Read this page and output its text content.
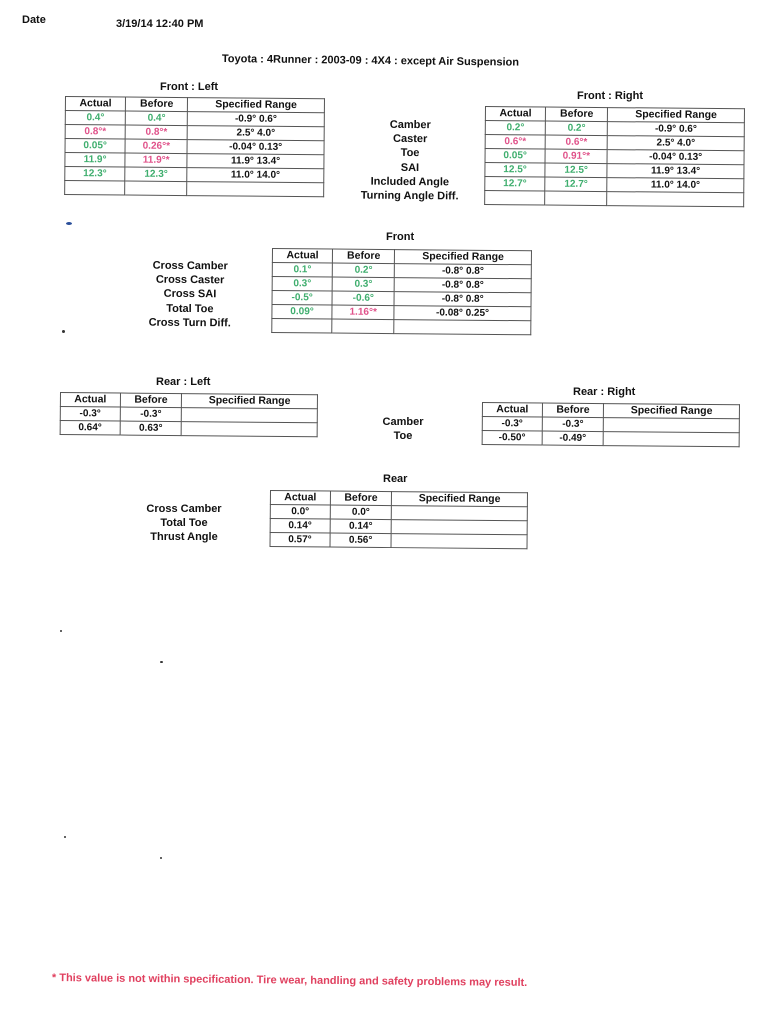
Date	3/19/14 12:40 PM
Toyota : 4Runner : 2003-09 : 4X4 : except Air Suspension
Front : Left
Actual	Before	Specified Range
0.4°	0.4°	-0.9° 0.6°
0.8°*	0.8°*	2.5° 4.0°
0.05°	0.26°*	-0.04° 0.13°
11.9°	11.9°*	11.9° 13.4°
12.3°	12.3°	11.0° 14.0°

Camber
Caster
Toe
SAI
Included Angle
Turning Angle Diff.
Front : Right
Actual	Before	Specified Range
0.2°	0.2°	-0.9° 0.6°
0.6°*	0.6°*	2.5° 4.0°
0.05°	0.91°*	-0.04° 0.13°
12.5°	12.5°	11.9° 13.4°
12.7°	12.7°	11.0° 14.0°

Front
Cross Camber
Cross Caster
Cross SAI
Total Toe
Cross Turn Diff.
Actual	Before	Specified Range
0.1°	0.2°	-0.8° 0.8°
0.3°	0.3°	-0.8° 0.8°
-0.5°	-0.6°	-0.8° 0.8°
0.09°	1.16°*	-0.08° 0.25°

Rear : Left
Actual	Before	Specified Range
-0.3°	-0.3°	
0.64°	0.63°	
Camber
Toe
Rear : Right
Actual	Before	Specified Range
-0.3°	-0.3°	
-0.50°	-0.49°	
Rear
Cross Camber
Total Toe
Thrust Angle
Actual	Before	Specified Range
0.0°	0.0°	
0.14°	0.14°	
0.57°	0.56°	
* This value is not within specification. Tire wear, handling and safety problems may result.
